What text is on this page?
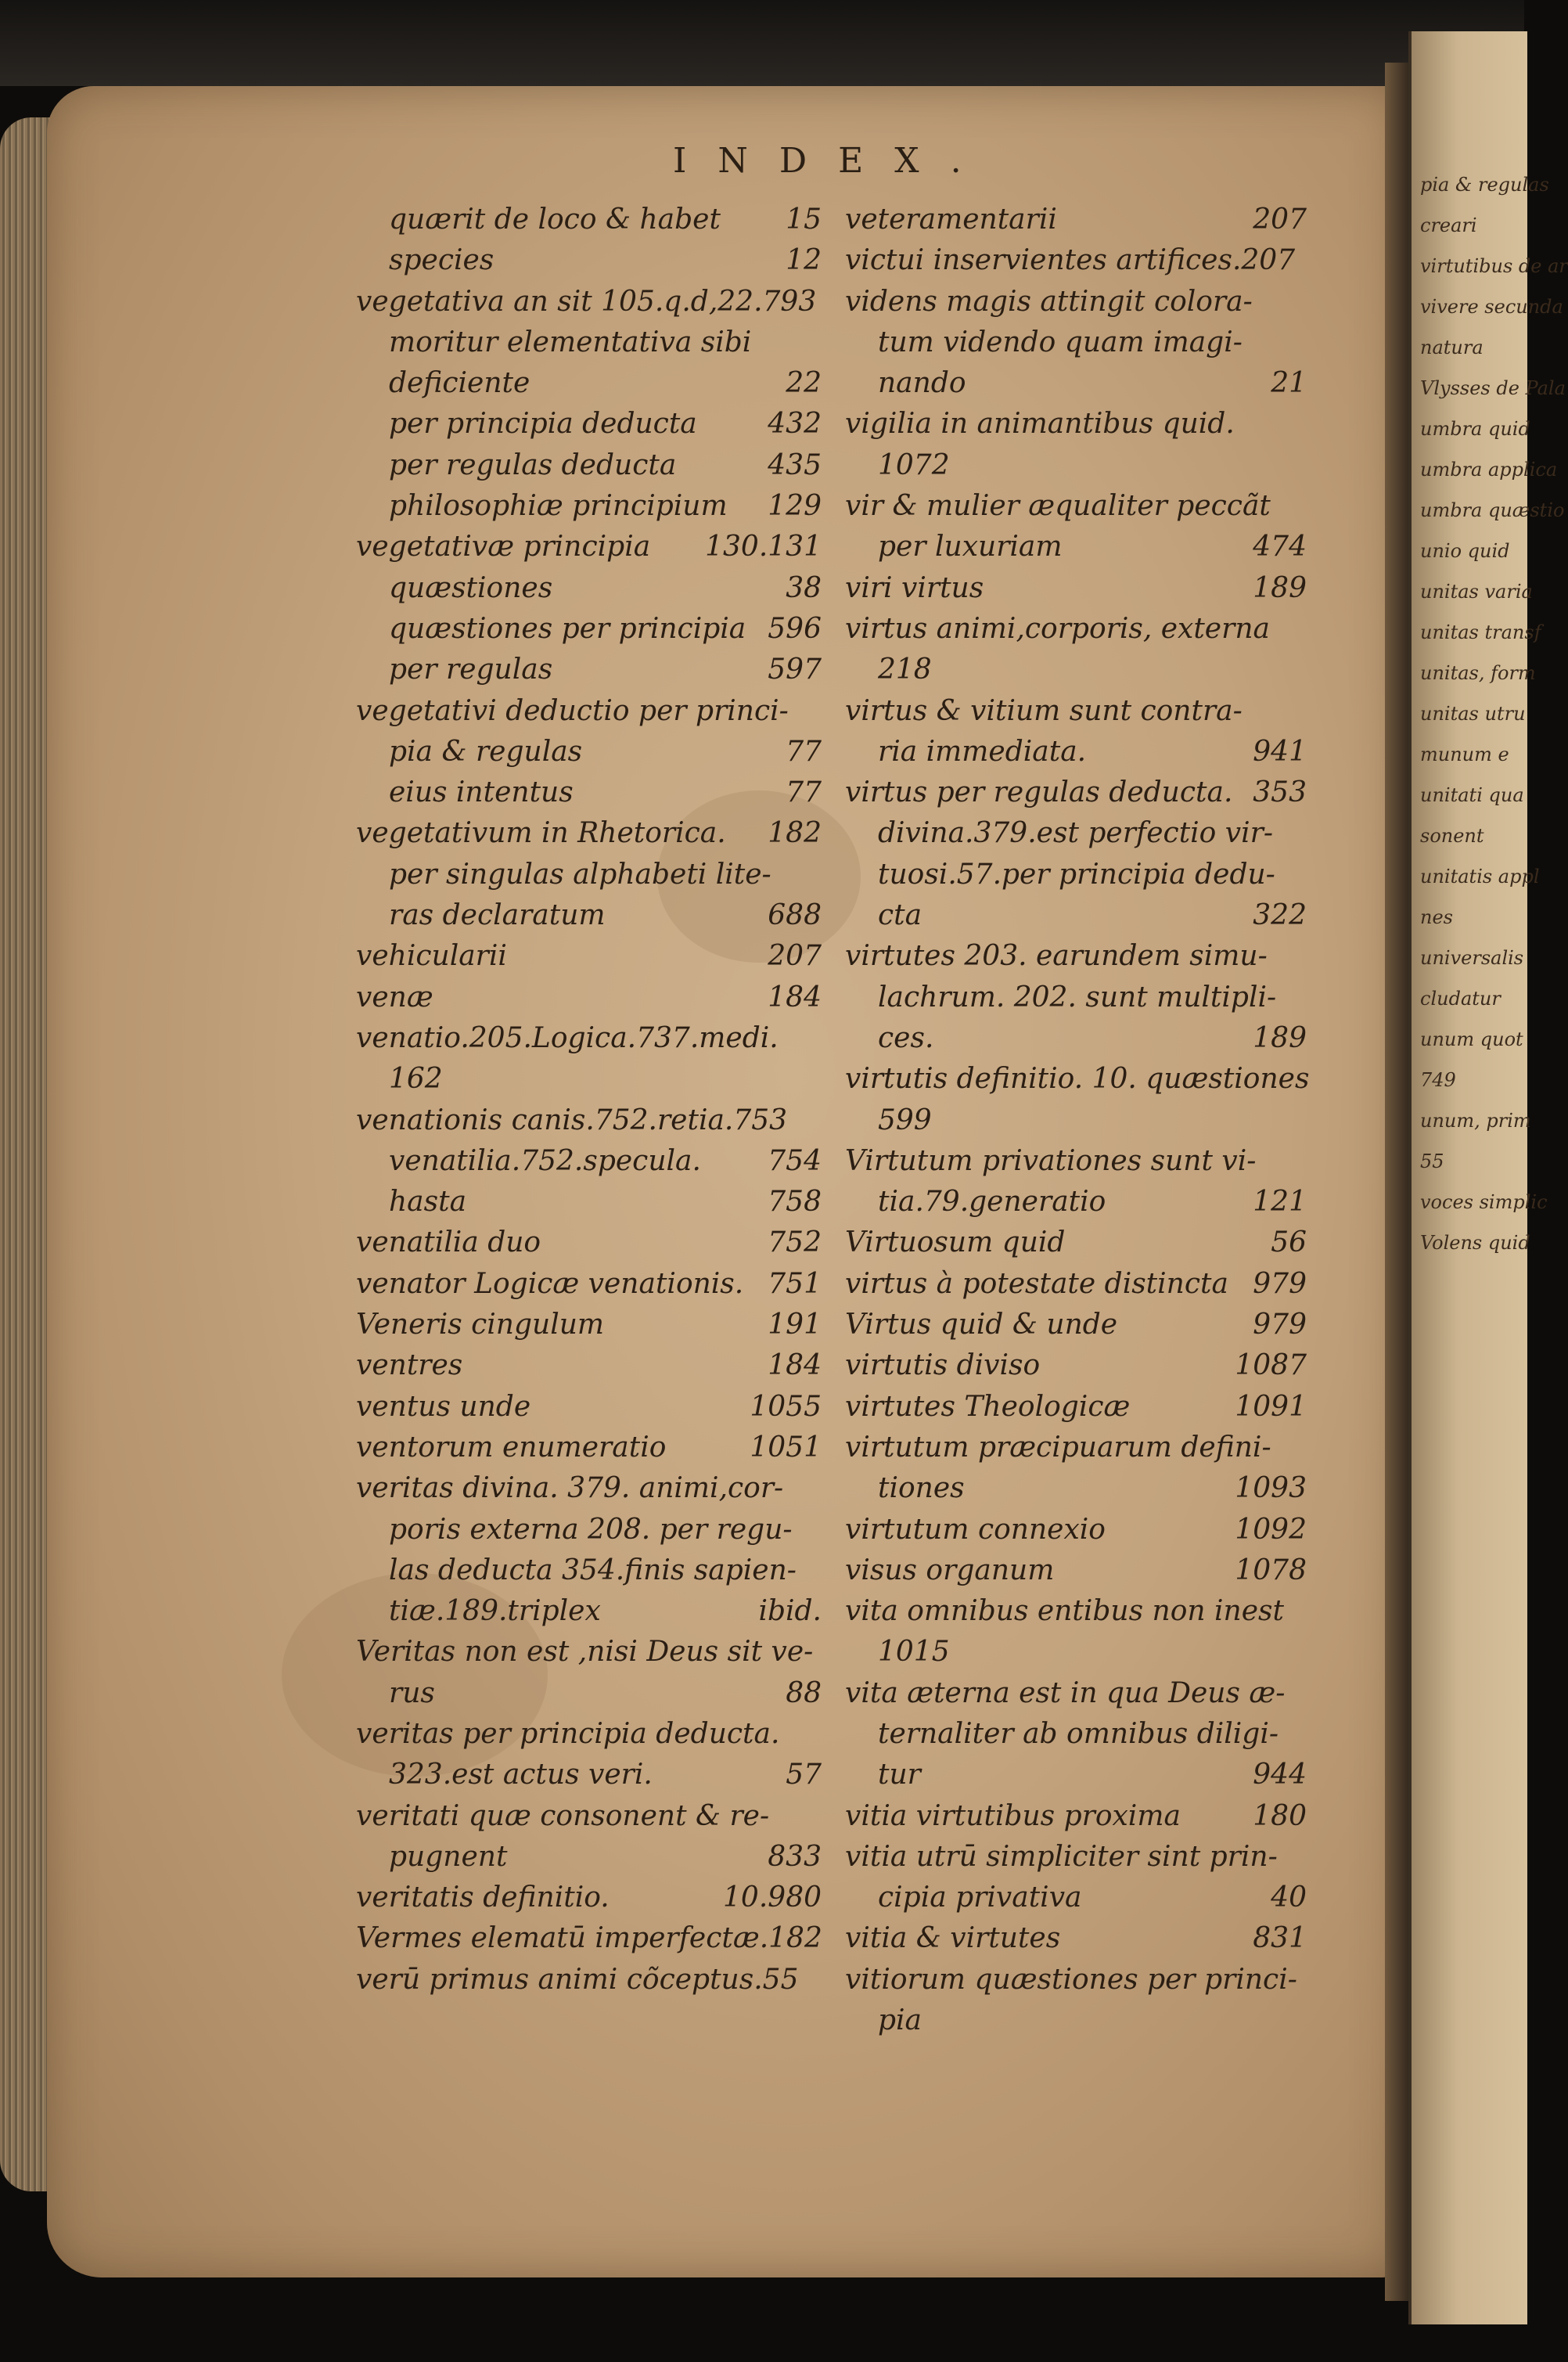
pia & regulas
creari
virtutibus de ar
vivere secunda
natura
Vlysses de Pala
umbra quid
umbra applica
umbra quæstio
unio quid
unitas varia
unitas transf
unitas, form
unitas utru
munum e
unitati qua
sonent
unitatis appl
nes
universalis
cludatur
unum quot
749
unum, prim
55
voces simplic
Volens quid
INDEX.
quærit de loco & habet 15
species	12
vegetativa an sit 105.q.d,22.793
moritur elementativa sibi
deficiente	22
per principia deducta	432
per regulas deducta	435
philosophiæ principium 129
vegetativæ principia 130.131
quæstiones	38
quæstiones per principia 596
per regulas	597
vegetativi deductio per princi-
pia & regulas	77
eius intentus	77
vegetativum in Rhetorica. 182
per singulas alphabeti lite-
ras declaratum	688
vehicularii	207
venæ	184
venatio.205.Logica.737.medi.
162
venationis canis.752.retia.753
venatilia.752.specula. 754
hasta	758
venatilia duo	752
venator Logicæ venationis. 751
Veneris cingulum	191
ventres	184
ventus unde	1055
ventorum enumeratio	1051
veritas divina. 379. animi,cor-
poris externa 208. per regu-
las deducta 354.finis sapien-
tiæ.189.triplex	ibid.
Veritas non est ,nisi Deus sit ve-
rus	88
veritas per principia deducta.
323.est actus veri.	57
veritati quæ consonent & re-
pugnent	833
veritatis definitio.	10.980
Vermes elematū imperfectæ.182
verū primus animi cõceptus.55
veteramentarii	207
victui inservientes artifices.207
videns magis attingit colora-
tum videndo quam imagi-
nando	21
vigilia in animantibus quid.
1072
vir & mulier æqualiter peccãt
per luxuriam	474
viri virtus	189
virtus animi,corporis, externa
218
virtus & vitium sunt contra-
ria immediata.	941
virtus per regulas deducta. 353
divina.379.est perfectio vir-
tuosi.57.per principia dedu-
cta	322
virtutes 203. earundem simu-
lachrum. 202. sunt multipli-
ces.	189
virtutis definitio. 10. quæstiones
599
Virtutum privationes sunt vi-
tia.79.generatio	121
Virtuosum quid	56
virtus à potestate distincta 979
Virtus quid & unde	979
virtutis diviso	1087
virtutes Theologicæ	1091
virtutum præcipuarum defini-
tiones	1093
virtutum connexio	1092
visus organum	1078
vita omnibus entibus non inest
1015
vita æterna est in qua Deus æ-
ternaliter ab omnibus diligi-
tur	944
vitia virtutibus proxima	180
vitia utrū simpliciter sint prin-
cipia privativa	40
vitia & virtutes	831
vitiorum quæstiones per princi-
pia
